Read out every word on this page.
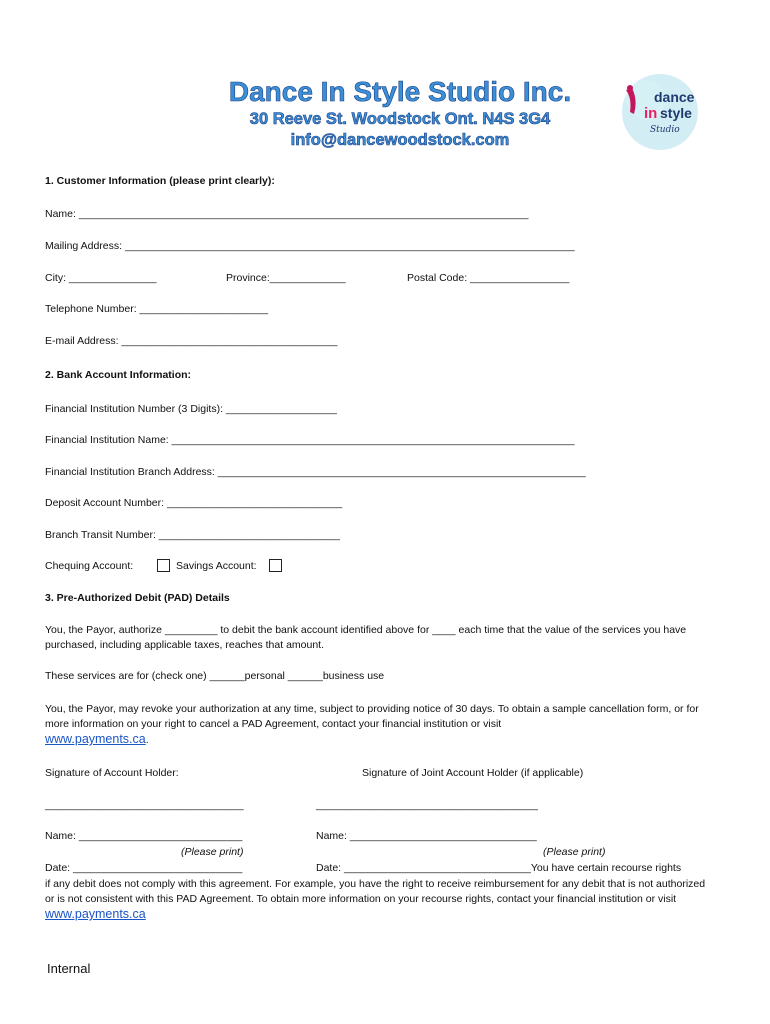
Dance In Style Studio Inc.
30 Reeve St. Woodstock Ont. N4S 3G4
info@dancewoodstock.com
dance
in style
Studio
1. Customer Information (please print clearly):
Name: _____________________________________________________________________________
Mailing Address: _____________________________________________________________________________
City: _______________	Province:_____________	Postal Code: _________________
Telephone Number: ______________________
E-mail Address: _____________________________________
2. Bank Account Information:
Financial Institution Number (3 Digits): ___________________
Financial Institution Name: _____________________________________________________________________
Financial Institution Branch Address: _______________________________________________________________
Deposit Account Number: ______________________________
Branch Transit Number: _______________________________
Chequing Account:	Savings Account:
3. Pre-Authorized Debit (PAD) Details
You, the Payor, authorize _________ to debit the bank account identified above for ____ each time that the value of the services you have purchased, including applicable taxes, reaches that amount.
These services are for (check one) ______personal ______business use
You, the Payor, may revoke your authorization at any time, subject to providing notice of 30 days. To obtain a sample cancellation form, or for more information on your right to cancel a PAD Agreement, contact your financial institution or visit
www.payments.ca.
Signature of Account Holder:	Signature of Joint Account Holder (if applicable)
__________________________________	______________________________________
Name: ____________________________	Name: ________________________________
(Please print)	(Please print)
Date: _____________________________	Date: ________________________________You have certain recourse rights
if any debit does not comply with this agreement. For example, you have the right to receive reimbursement for any debit that is not authorized or is not consistent with this PAD Agreement. To obtain more information on your recourse rights, contact your financial institution or visit www.payments.ca
Internal
